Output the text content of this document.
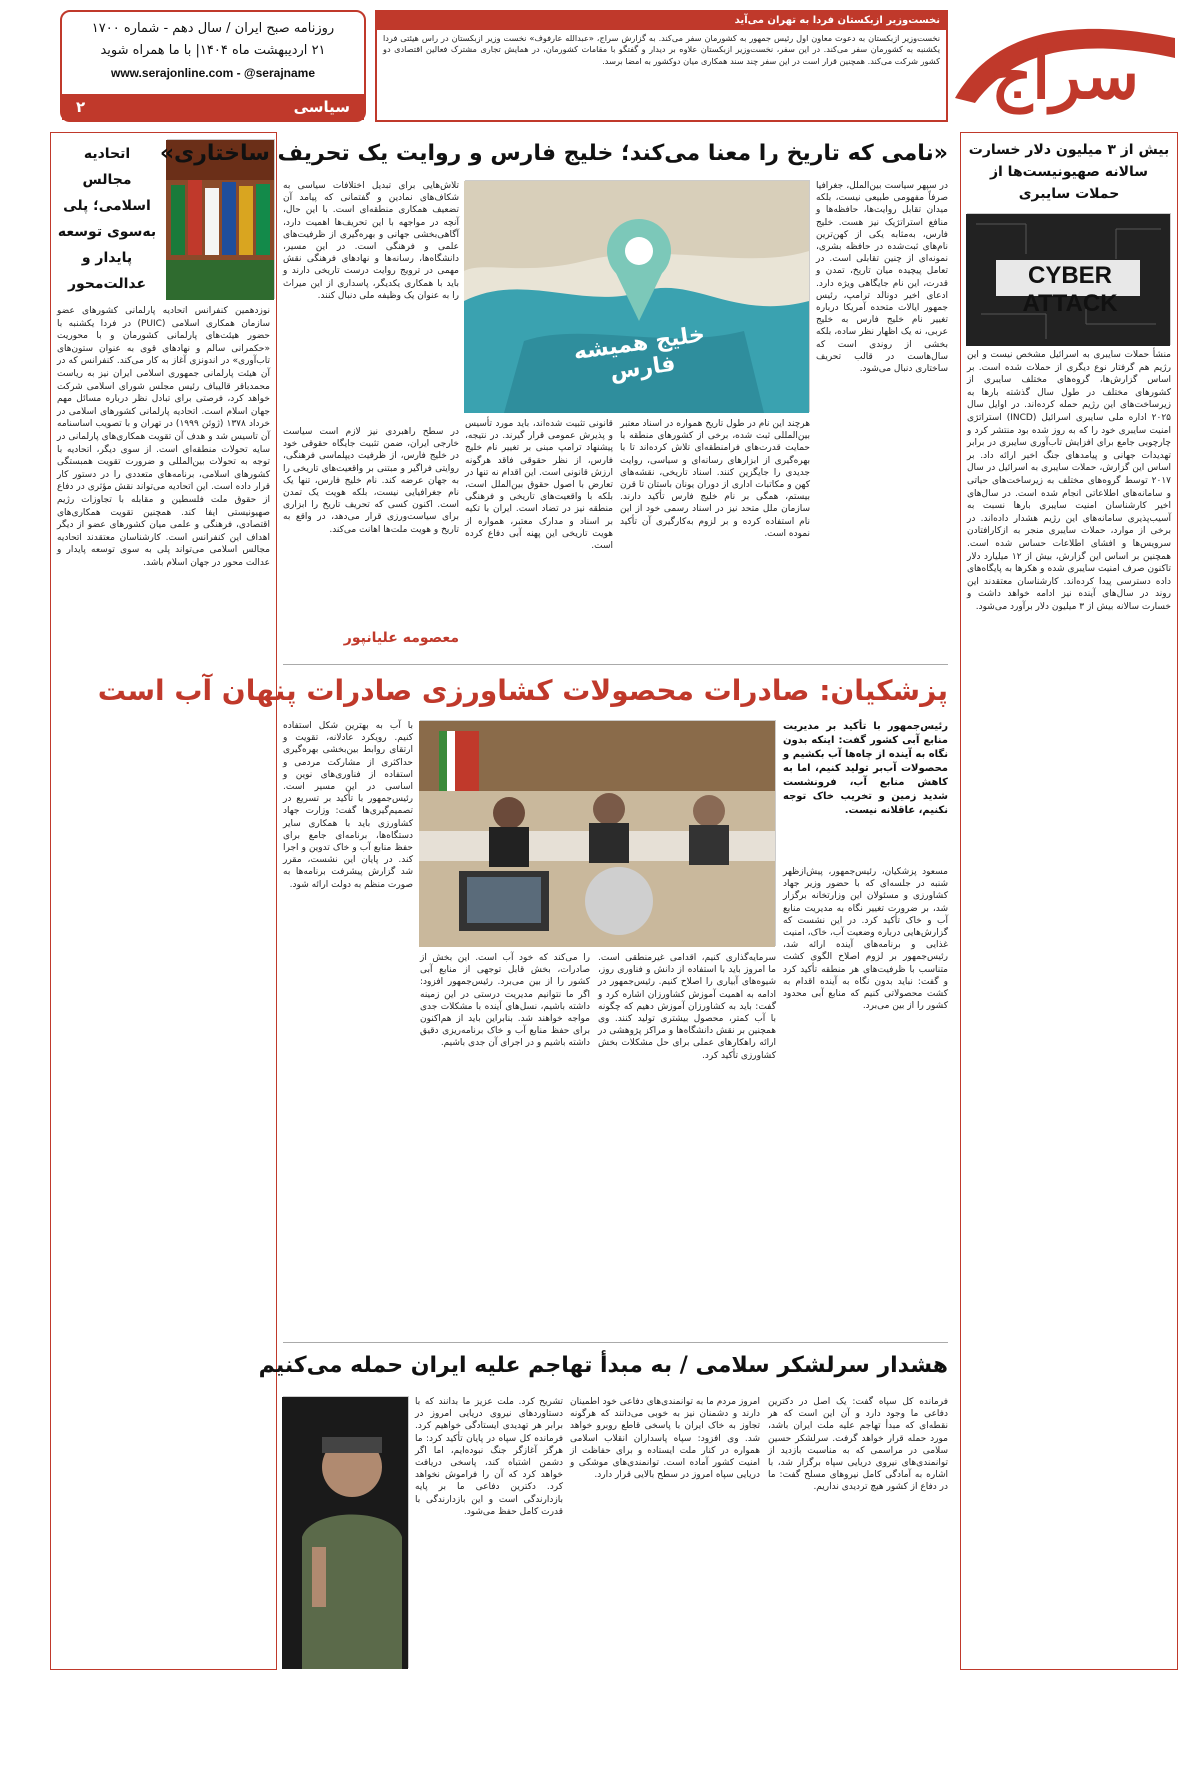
سراج
نخست‌وزیر ازبکستان فردا به تهران می‌آید
نخست‌وزیر ازبکستان به دعوت معاون اول رئیس جمهور به کشورمان سفر می‌کند. به گزارش سراج، «عبدالله عارفوف» نخست وزیر ازبکستان در راس هیئتی فردا یکشنبه به کشورمان سفر می‌کند. در این سفر، نخست‌وزیر ازبکستان علاوه بر دیدار و گفتگو با مقامات کشورمان، در همایش تجاری مشترک فعالین اقتصادی دو کشور شرکت می‌کند. همچنین قرار است در این سفر چند سند همکاری میان دوکشور به امضا برسد.
روزنامه صبح ایران / سال دهم - شماره ۱۷۰۰
۲۱ اردیبهشت ماه ۱۴۰۴| با ما همراه شوید
www.serajonline.com - @serajname
سیاسی
۲
بیش از ۳ میلیون دلار خسارت سالانه صهیونیست‌ها از حملات سایبری
CYBER ATTACK
منشأ حملات سایبری به اسرائیل مشخص نیست و این رژیم هم گرفتار نوع دیگری از حملات شده است. بر اساس گزارش‌ها، گروه‌های مختلف سایبری از کشورهای مختلف در طول سال گذشته بارها به زیرساخت‌های این رژیم حمله کرده‌اند. در اوایل سال ۲۰۲۵ اداره ملی سایبری اسرائیل (INCD) استراتژی امنیت سایبری خود را که به روز شده بود منتشر کرد و چارچوبی جامع برای افزایش تاب‌آوری سایبری در برابر تهدیدات جهانی و پیامدهای جنگ اخیر ارائه داد. بر اساس این گزارش، حملات سایبری به اسرائیل در سال ۲۰۱۷ توسط گروه‌های مختلف به زیرساخت‌های حیاتی و سامانه‌های اطلاعاتی انجام شده است. در سال‌های اخیر کارشناسان امنیت سایبری بارها نسبت به آسیب‌پذیری سامانه‌های این رژیم هشدار داده‌اند. در برخی از موارد، حملات سایبری منجر به ازکارافتادن سرویس‌ها و افشای اطلاعات حساس شده است. همچنین بر اساس این گزارش، بیش از ۱۲ میلیارد دلار تاکنون صرف امنیت سایبری شده و هکرها به پایگاه‌های داده دسترسی پیدا کرده‌اند. کارشناسان معتقدند این روند در سال‌های آینده نیز ادامه خواهد داشت و خسارت سالانه بیش از ۳ میلیون دلار برآورد می‌شود.
اتحادیه مجالس اسلامی؛ پلی به‌سوی توسعه پایدار و عدالت‌محور
نوزدهمین کنفرانس اتحادیه پارلمانی کشورهای عضو سازمان همکاری اسلامی (PUIC) در فردا یکشنبه با حضور هیئت‌های پارلمانی کشورمان و با محوریت «حکمرانی سالم و نهادهای قوی به عنوان ستون‌های تاب‌آوری» در اندونزی آغاز به کار می‌کند. کنفرانس که در آن هیئت پارلمانی جمهوری اسلامی ایران نیز به ریاست محمدباقر قالیباف رئیس مجلس شورای اسلامی شرکت خواهد کرد، فرصتی برای تبادل نظر درباره مسائل مهم جهان اسلام است. اتحادیه پارلمانی کشورهای اسلامی در خرداد ۱۳۷۸ (ژوئن ۱۹۹۹) در تهران و با تصویب اساسنامه آن تاسیس شد و هدف آن تقویت همکاری‌های پارلمانی در سایه تحولات منطقه‌ای است. از سوی دیگر، اتحادیه با توجه به تحولات بین‌المللی و ضرورت تقویت همبستگی کشورهای اسلامی، برنامه‌های متعددی را در دستور کار قرار داده است. این اتحادیه می‌تواند نقش مؤثری در دفاع از حقوق ملت فلسطین و مقابله با تجاوزات رژیم صهیونیستی ایفا کند. همچنین تقویت همکاری‌های اقتصادی، فرهنگی و علمی میان کشورهای عضو از دیگر اهداف این کنفرانس است. کارشناسان معتقدند اتحادیه مجالس اسلامی می‌تواند پلی به سوی توسعه پایدار و عدالت محور در جهان اسلام باشد.
«نامی که تاریخ را معنا می‌کند؛ خلیج فارس و روایت یک تحریف ساختاری»
در سپهر سیاست بین‌الملل، جغرافیا صرفاً مفهومی طبیعی نیست، بلکه میدان تقابل روایت‌ها، حافظه‌ها و منافع استراتژیک نیز هست. خلیج فارس، به‌مثابه یکی از کهن‌ترین نام‌های ثبت‌شده در حافظه بشری، نمونه‌ای از چنین تقابلی است. در تعامل پیچیده میان تاریخ، تمدن و قدرت، این نام جایگاهی ویژه دارد. ادعای اخیر دونالد ترامپ، رئیس جمهور ایالات متحده آمریکا درباره تغییر نام خلیج فارس به خلیج عربی، نه یک اظهار نظر ساده، بلکه بخشی از روندی است که سال‌هاست در قالب تحریف ساختاری دنبال می‌شود.
خلیج همیشه فارس
هرچند این نام در طول تاریخ همواره در اسناد معتبر بین‌المللی ثبت شده، برخی از کشورهای منطقه با حمایت قدرت‌های فرامنطقه‌ای تلاش کرده‌اند تا با بهره‌گیری از ابزارهای رسانه‌ای و سیاسی، روایت جدیدی را جایگزین کنند. اسناد تاریخی، نقشه‌های کهن و مکاتبات اداری از دوران یونان باستان تا قرن بیستم، همگی بر نام خلیج فارس تأکید دارند. سازمان ملل متحد نیز در اسناد رسمی خود از این نام استفاده کرده و بر لزوم به‌کارگیری آن تأکید نموده است.
قانونی تثبیت شده‌اند، باید مورد تأسیس و پذیرش عمومی قرار گیرند. در نتیجه، پیشنهاد ترامپ مبنی بر تغییر نام خلیج فارس، از نظر حقوقی فاقد هرگونه ارزش قانونی است. این اقدام نه تنها در تعارض با اصول حقوق بین‌الملل است، بلکه با واقعیت‌های تاریخی و فرهنگی منطقه نیز در تضاد است. ایران با تکیه بر اسناد و مدارک معتبر، همواره از هویت تاریخی این پهنه آبی دفاع کرده است.
تلاش‌هایی برای تبدیل اختلافات سیاسی به شکاف‌های نمادین و گفتمانی که پیامد آن تضعیف همکاری منطقه‌ای است. با این حال، آنچه در مواجهه با این تحریف‌ها اهمیت دارد، آگاهی‌بخشی جهانی و بهره‌گیری از ظرفیت‌های علمی و فرهنگی است. در این مسیر، دانشگاه‌ها، رسانه‌ها و نهادهای فرهنگی نقش مهمی در ترویج روایت درست تاریخی دارند و باید با همکاری یکدیگر، پاسداری از این میراث را به عنوان یک وظیفه ملی دنبال کنند.
در سطح راهبردی نیز لازم است سیاست خارجی ایران، ضمن تثبیت جایگاه حقوقی خود در خلیج فارس، از ظرفیت دیپلماسی فرهنگی، روایتی فراگیر و مبتنی بر واقعیت‌های تاریخی را به جهان عرضه کند. نام خلیج فارس، تنها یک نام جغرافیایی نیست، بلکه هویت یک تمدن است. اکنون کسی که تحریف تاریخ را ابزاری برای سیاست‌ورزی قرار می‌دهد، در واقع به تاریخ و هویت ملت‌ها اهانت می‌کند.
معصومه علیانپور
پزشکیان: صادرات محصولات کشاورزی صادرات پنهان آب است
رئیس‌جمهور با تأکید بر مدیریت منابع آبی کشور گفت: اینکه بدون نگاه به آینده از چاه‌ها آب بکشیم و محصولات آب‌بر تولید کنیم، اما به کاهش منابع آب، فرونشست شدید زمین و تخریب خاک توجه نکنیم، عاقلانه نیست.
مسعود پزشکیان، رئیس‌جمهور، پیش‌ازظهر شنبه در جلسه‌ای که با حضور وزیر جهاد کشاورزی و مسئولان این وزارتخانه برگزار شد، بر ضرورت تغییر نگاه به مدیریت منابع آب و خاک تأکید کرد. در این نشست که گزارش‌هایی درباره وضعیت آب، خاک، امنیت غذایی و برنامه‌های آینده ارائه شد، رئیس‌جمهور بر لزوم اصلاح الگوی کشت متناسب با ظرفیت‌های هر منطقه تأکید کرد و گفت: نباید بدون نگاه به آینده اقدام به کشت محصولاتی کنیم که منابع آبی محدود کشور را از بین می‌برد.
سرمایه‌گذاری کنیم، اقدامی غیرمنطقی است. ما امروز باید با استفاده از دانش و فناوری روز، شیوه‌های آبیاری را اصلاح کنیم. رئیس‌جمهور در ادامه به اهمیت آموزش کشاورزان اشاره کرد و گفت: باید به کشاورزان آموزش دهیم که چگونه با آب کمتر، محصول بیشتری تولید کنند. وی همچنین بر نقش دانشگاه‌ها و مراکز پژوهشی در ارائه راهکارهای عملی برای حل مشکلات بخش کشاورزی تأکید کرد.
را می‌کند که خود آب است. این بخش از صادرات، بخش قابل توجهی از منابع آبی کشور را از بین می‌برد. رئیس‌جمهور افزود: اگر ما نتوانیم مدیریت درستی در این زمینه داشته باشیم، نسل‌های آینده با مشکلات جدی مواجه خواهند شد. بنابراین باید از هم‌اکنون برای حفظ منابع آب و خاک برنامه‌ریزی دقیق داشته باشیم و در اجرای آن جدی باشیم.
با آب به بهترین شکل استفاده کنیم. رویکرد عادلانه، تقویت و ارتقای روابط بین‌بخشی بهره‌گیری حداکثری از مشارکت مردمی و استفاده از فناوری‌های نوین و اساسی در این مسیر است. رئیس‌جمهور با تأکید بر تسریع در تصمیم‌گیری‌ها گفت: وزارت جهاد کشاورزی باید با همکاری سایر دستگاه‌ها، برنامه‌ای جامع برای حفظ منابع آب و خاک تدوین و اجرا کند. در پایان این نشست، مقرر شد گزارش پیشرفت برنامه‌ها به صورت منظم به دولت ارائه شود.
هشدار سرلشکر سلامی / به مبدأ تهاجم علیه ایران حمله می‌کنیم
فرمانده کل سپاه گفت: یک اصل در دکترین دفاعی ما وجود دارد و آن این است که هر نقطه‌ای که مبدأ تهاجم علیه ملت ایران باشد، مورد حمله قرار خواهد گرفت. سرلشکر حسین سلامی در مراسمی که به مناسبت بازدید از توانمندی‌های نیروی دریایی سپاه برگزار شد، با اشاره به آمادگی کامل نیروهای مسلح گفت: ما در دفاع از کشور هیچ تردیدی نداریم.
امروز مردم ما به توانمندی‌های دفاعی خود اطمینان دارند و دشمنان نیز به خوبی می‌دانند که هرگونه تجاوز به خاک ایران با پاسخی قاطع روبرو خواهد شد. وی افزود: سپاه پاسداران انقلاب اسلامی همواره در کنار ملت ایستاده و برای حفاظت از امنیت کشور آماده است. توانمندی‌های موشکی و دریایی سپاه امروز در سطح بالایی قرار دارد.
تشریح کرد. ملت عزیز ما بدانند که با دستاوردهای نیروی دریایی امروز در برابر هر تهدیدی ایستادگی خواهیم کرد. فرمانده کل سپاه در پایان تأکید کرد: ما هرگز آغازگر جنگ نبوده‌ایم، اما اگر دشمن اشتباه کند، پاسخی دریافت خواهد کرد که آن را فراموش نخواهد کرد. دکترین دفاعی ما بر پایه بازدارندگی است و این بازدارندگی با قدرت کامل حفظ می‌شود.
